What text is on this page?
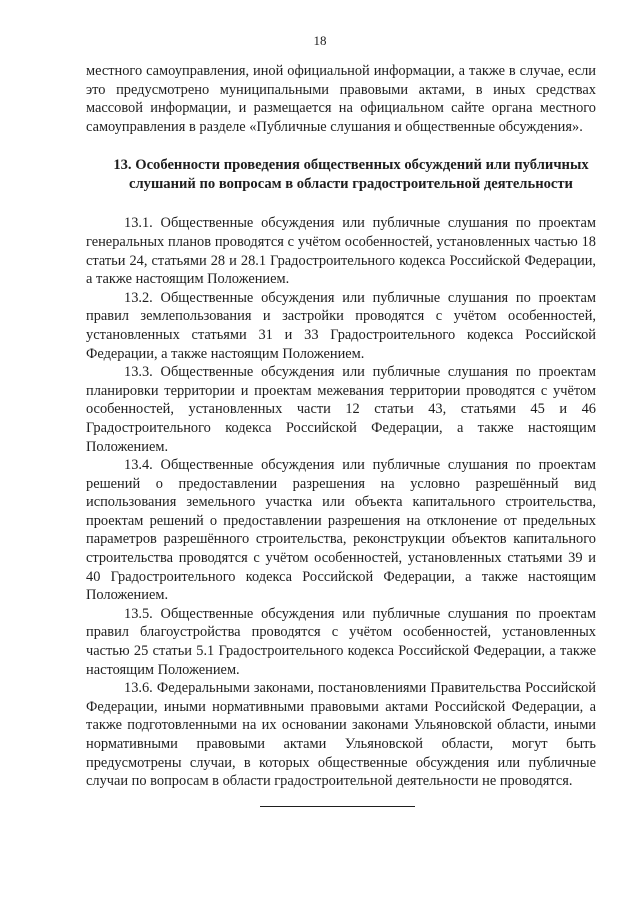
18

местного самоуправления, иной официальной информации, а также в случае, если это предусмотрено муниципальными правовыми актами, в иных средствах массовой информации, и размещается на официальном сайте органа местного самоуправления в разделе «Публичные слушания и общественные обсуждения».

13. Особенности проведения общественных обсуждений или публичных слушаний по вопросам в области градостроительной деятельности

13.1. Общественные обсуждения или публичные слушания по проектам генеральных планов проводятся с учётом особенностей, установленных частью 18 статьи 24, статьями 28 и 28.1 Градостроительного кодекса Российской Федерации, а также настоящим Положением.

13.2. Общественные обсуждения или публичные слушания по проектам правил землепользования и застройки проводятся с учётом особенностей, установленных статьями 31 и 33 Градостроительного кодекса Российской Федерации, а также настоящим Положением.

13.3. Общественные обсуждения или публичные слушания по проектам планировки территории и проектам межевания территории проводятся с учётом особенностей, установленных части 12 статьи 43, статьями 45 и 46 Градостроительного кодекса Российской Федерации, а также настоящим Положением.

13.4. Общественные обсуждения или публичные слушания по проектам решений о предоставлении разрешения на условно разрешённый вид использования земельного участка или объекта капитального строительства, проектам решений о предоставлении разрешения на отклонение от предельных параметров разрешённого строительства, реконструкции объектов капитального строительства проводятся с учётом особенностей, установленных статьями 39 и 40 Градостроительного кодекса Российской Федерации, а также настоящим Положением.

13.5. Общественные обсуждения или публичные слушания по проектам правил благоустройства проводятся с учётом особенностей, установленных частью 25 статьи 5.1 Градостроительного кодекса Российской Федерации, а также настоящим Положением.

13.6. Федеральными законами, постановлениями Правительства Российской Федерации, иными нормативными правовыми актами Российской Федерации, а также подготовленными на их основании законами Ульяновской области, иными нормативными правовыми актами Ульяновской области, могут быть предусмотрены случаи, в которых общественные обсуждения или публичные случаи по вопросам в области градостроительной деятельности не проводятся.
